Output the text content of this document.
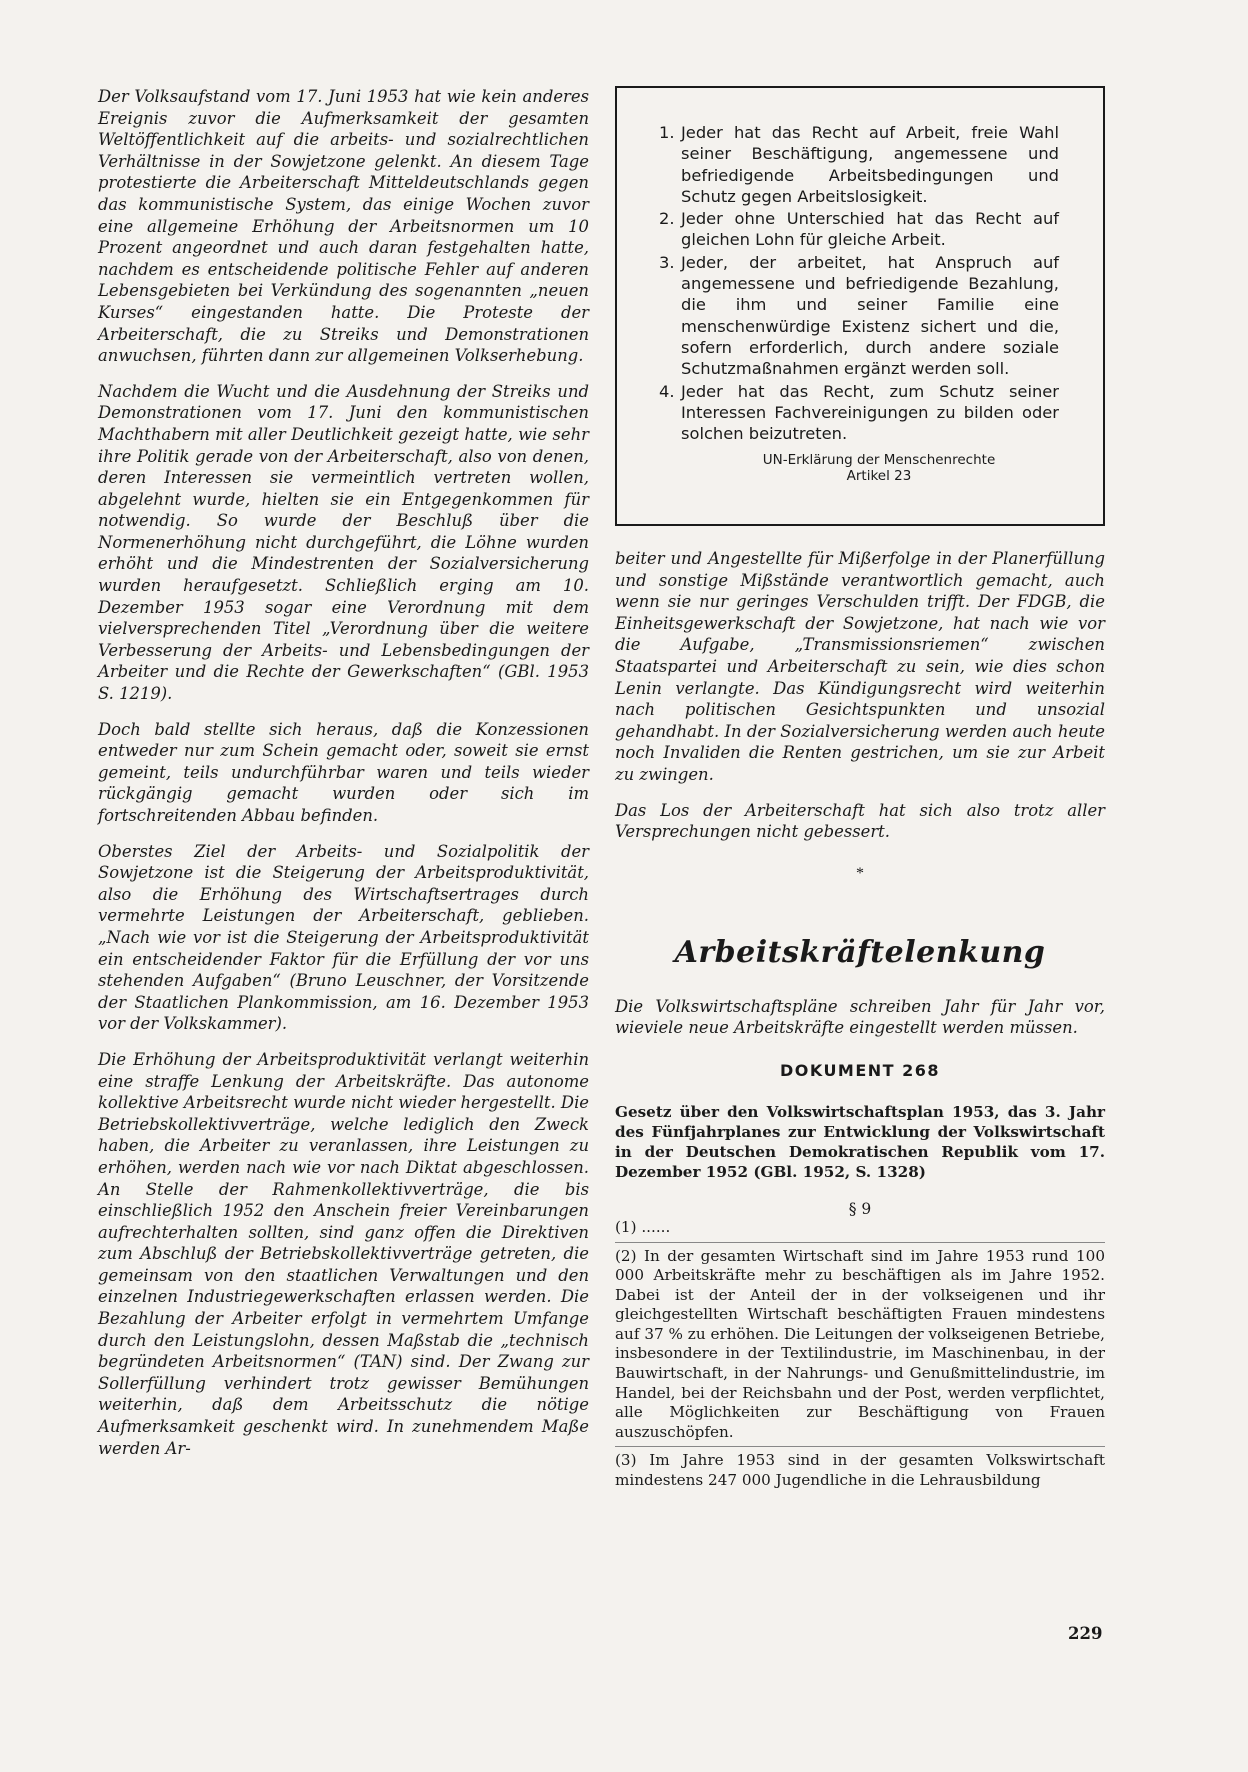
Der Volksaufstand vom 17. Juni 1953 hat wie kein anderes Ereignis zuvor die Aufmerksamkeit der gesamten Weltöffentlichkeit auf die arbeits- und sozialrechtlichen Verhältnisse in der Sowjetzone gelenkt. An diesem Tage protestierte die Arbeiterschaft Mitteldeutschlands gegen das kommunistische System, das einige Wochen zuvor eine allgemeine Erhöhung der Arbeitsnormen um 10 Prozent angeordnet und auch daran festgehalten hatte, nachdem es entscheidende politische Fehler auf anderen Lebensgebieten bei Verkündung des sogenannten „neuen Kurses“ eingestanden hatte. Die Proteste der Arbeiterschaft, die zu Streiks und Demonstrationen anwuchsen, führten dann zur allgemeinen Volkserhebung.

Nachdem die Wucht und die Ausdehnung der Streiks und Demonstrationen vom 17. Juni den kommunistischen Machthabern mit aller Deutlichkeit gezeigt hatte, wie sehr ihre Politik gerade von der Arbeiterschaft, also von denen, deren Interessen sie vermeintlich vertreten wollen, abgelehnt wurde, hielten sie ein Entgegenkommen für notwendig. So wurde der Beschluß über die Normenerhöhung nicht durchgeführt, die Löhne wurden erhöht und die Mindestrenten der Sozialversicherung wurden heraufgesetzt. Schließlich erging am 10. Dezember 1953 sogar eine Verordnung mit dem vielversprechenden Titel „Verordnung über die weitere Verbesserung der Arbeits- und Lebensbedingungen der Arbeiter und die Rechte der Gewerkschaften“ (GBl. 1953 S. 1219).

Doch bald stellte sich heraus, daß die Konzessionen entweder nur zum Schein gemacht oder, soweit sie ernst gemeint, teils undurchführbar waren und teils wieder rückgängig gemacht wurden oder sich im fortschreitenden Abbau befinden.

Oberstes Ziel der Arbeits- und Sozialpolitik der Sowjetzone ist die Steigerung der Arbeitsproduktivität, also die Erhöhung des Wirtschaftsertrages durch vermehrte Leistungen der Arbeiterschaft, geblieben. „Nach wie vor ist die Steigerung der Arbeitsproduktivität ein entscheidender Faktor für die Erfüllung der vor uns stehenden Aufgaben“ (Bruno Leuschner, der Vorsitzende der Staatlichen Plankommission, am 16. Dezember 1953 vor der Volkskammer).

Die Erhöhung der Arbeitsproduktivität verlangt weiterhin eine straffe Lenkung der Arbeitskräfte. Das autonome kollektive Arbeitsrecht wurde nicht wieder hergestellt. Die Betriebskollektivverträge, welche lediglich den Zweck haben, die Arbeiter zu veranlassen, ihre Leistungen zu erhöhen, werden nach wie vor nach Diktat abgeschlossen. An Stelle der Rahmenkollektivverträge, die bis einschließlich 1952 den Anschein freier Vereinbarungen aufrechterhalten sollten, sind ganz offen die Direktiven zum Abschluß der Betriebskollektivverträge getreten, die gemeinsam von den staatlichen Verwaltungen und den einzelnen Industriegewerkschaften erlassen werden. Die Bezahlung der Arbeiter erfolgt in vermehrtem Umfange durch den Leistungslohn, dessen Maßstab die „technisch begründeten Arbeitsnormen“ (TAN) sind. Der Zwang zur Sollerfüllung verhindert trotz gewisser Bemühungen weiterhin, daß dem Arbeitsschutz die nötige Aufmerksamkeit geschenkt wird. In zunehmendem Maße werden Ar-

1. Jeder hat das Recht auf Arbeit, freie Wahl seiner Beschäftigung, angemessene und befriedigende Arbeitsbedingungen und Schutz gegen Arbeitslosigkeit.
2. Jeder ohne Unterschied hat das Recht auf gleichen Lohn für gleiche Arbeit.
3. Jeder, der arbeitet, hat Anspruch auf angemessene und befriedigende Bezahlung, die ihm und seiner Familie eine menschenwürdige Existenz sichert und die, sofern erforderlich, durch andere soziale Schutzmaßnahmen ergänzt werden soll.
4. Jeder hat das Recht, zum Schutz seiner Interessen Fachvereinigungen zu bilden oder solchen beizutreten.
UN-Erklärung der Menschenrechte
Artikel 23

beiter und Angestellte für Mißerfolge in der Planerfüllung und sonstige Mißstände verantwortlich gemacht, auch wenn sie nur geringes Verschulden trifft. Der FDGB, die Einheitsgewerkschaft der Sowjetzone, hat nach wie vor die Aufgabe, „Transmissionsriemen“ zwischen Staatspartei und Arbeiterschaft zu sein, wie dies schon Lenin verlangte. Das Kündigungsrecht wird weiterhin nach politischen Gesichtspunkten und unsozial gehandhabt. In der Sozialversicherung werden auch heute noch Invaliden die Renten gestrichen, um sie zur Arbeit zu zwingen.

Das Los der Arbeiterschaft hat sich also trotz aller Versprechungen nicht gebessert.

*
Arbeitskräftelenkung
Die Volkswirtschaftspläne schreiben Jahr für Jahr vor, wieviele neue Arbeitskräfte eingestellt werden müssen.
DOKUMENT 268
Gesetz über den Volkswirtschaftsplan 1953, das 3. Jahr des Fünfjahrplanes zur Entwicklung der Volkswirtschaft in der Deutschen Demokratischen Republik vom 17. Dezember 1952 (GBl. 1952, S. 1328)
§ 9

(1) ......

(2) In der gesamten Wirtschaft sind im Jahre 1953 rund 100 000 Arbeitskräfte mehr zu beschäftigen als im Jahre 1952. Dabei ist der Anteil der in der volkseigenen und ihr gleichgestellten Wirtschaft beschäftigten Frauen mindestens auf 37 % zu erhöhen. Die Leitungen der volkseigenen Betriebe, insbesondere in der Textilindustrie, im Maschinenbau, in der Bauwirtschaft, in der Nahrungs- und Genußmittelindustrie, im Handel, bei der Reichsbahn und der Post, werden verpflichtet, alle Möglichkeiten zur Beschäftigung von Frauen auszuschöpfen.

(3) Im Jahre 1953 sind in der gesamten Volkswirtschaft mindestens 247 000 Jugendliche in die Lehrausbildung

229
